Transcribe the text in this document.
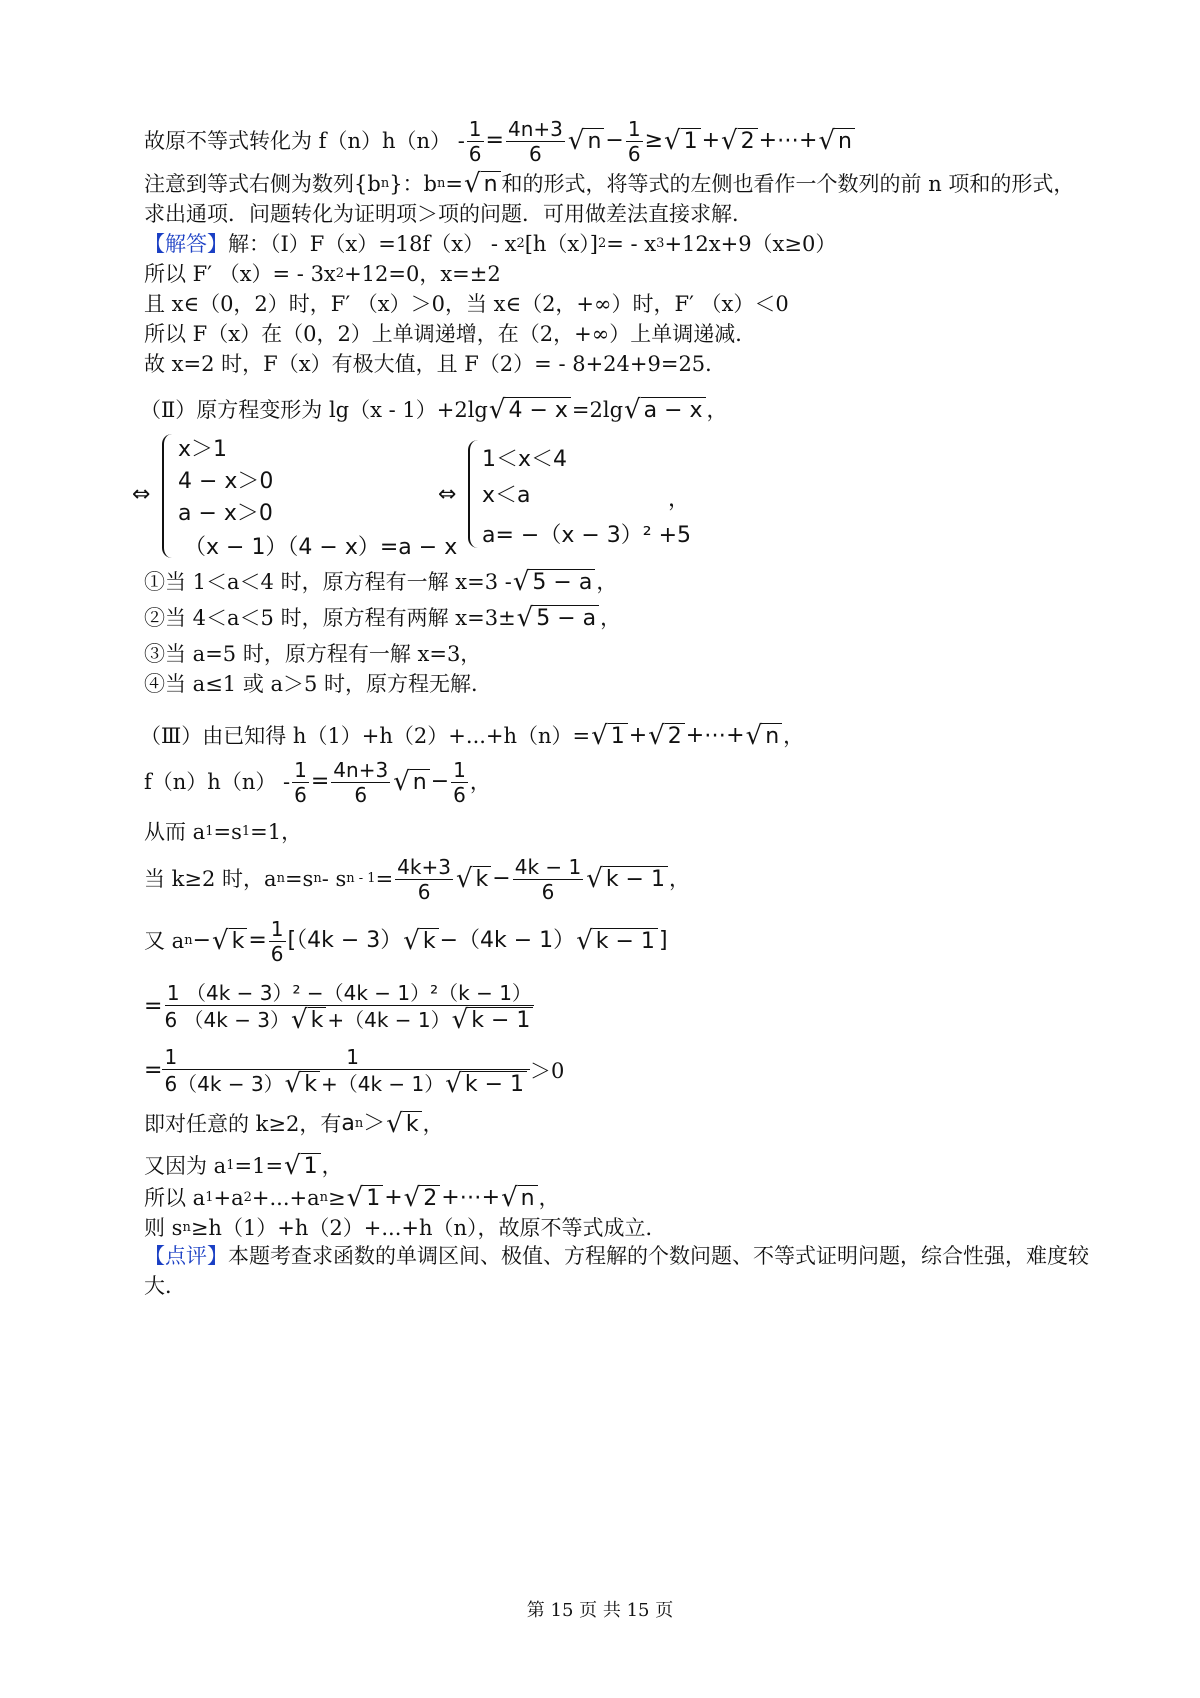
故原不等式转化为 $f(n)h(n) - \frac{1}{6} = \frac{4n+3}{6}$ √ $n - \frac{1}{6}$ ≥ √ 1 + √ 2 +⋯+ √ n
注意到等式右侧为数列{b n }：b n = √ n 和的形式，将等式的左侧也看作一个数列的前 n 项和的形式，
求出通项．问题转化为证明项＞项的问题．可用做差法直接求解．
【解答】 解：（Ⅰ）F（x）=18f（x） - x 2 [h（x）] 2 = - x 3 +12x+9（x≥0）
所以 F′ （x）= - 3x 2 +12=0，x=±2
且 x∈（0，2）时，F′ （x）＞0，当 x∈（2，+∞）时，F′ （x）＜0
所以 F（x）在（0，2）上单调递增，在（2，+∞）上单调递减．
故 x=2 时，F（x）有极大值，且 F（2）= - 8+24+9=25．
（Ⅱ）原方程变形为 lg（x - 1）+2lg √ 4 − x =2lg √ a − x ，
⇔
x＞1
4 − x＞0
a − x＞0
（x − 1）（4 − x）=a − x
⇔
1＜x＜4
x＜a
a= −（x − 3）² +5
，
①当 1＜a＜4 时，原方程有一解 x=3 - √ 5 − a ，
②当 4＜a＜5 时，原方程有两解 x=3± √ 5 − a ，
③当 a=5 时，原方程有一解 x=3，
④当 a≤1 或 a＞5 时，原方程无解．
（Ⅲ）由已知得 h（1）+h（2）+...+h（n）= √ 1 + √ 2 +⋯+ √ n ，
$f(n)h(n) - \frac{1}{6} = \frac{4n+3}{6}$ √ $n - \frac{1}{6}$ ，
从而 a 1 =s 1 =1，
当 k≥2 时，a n =s n - s $n - 1 = \frac{4k+3}{6}$ √ $k - \frac{4k - 1}{6}$ √ k − 1 ，
又 a n − √ $k = \frac{1}{6} [(4k - 3)$ √ k −（4k − 1） √ k − 1 ]
= 1
（4k − 3）² −（4k − 1）²（k − 1）
6
（4k − 3） √ k +（4k − 1） √ k − 1
= 1	1
6（4k − 3） √ k +（4k − 1） √ k − 1 ＞0
即对任意的 k≥2，有 a n ＞ √ k ，
又因为 a 1 =1= √ 1 ，
所以 a 1 +a 2 +...+a n ≥ √ 1 + √ 2 +⋯+ √ n ，
则 s n ≥h（1）+h（2）+...+h（n），故原不等式成立．
【点评】 本题考查求函数的单调区间、极值、方程解的个数问题、不等式证明问题，综合性强，难度较
大．
第 15 页 共 15 页
